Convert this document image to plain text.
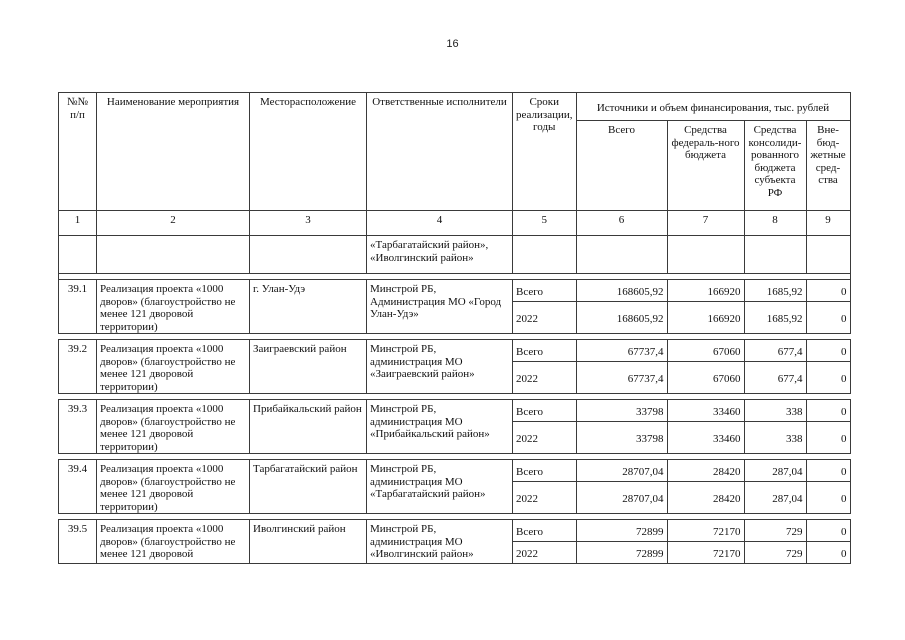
16
№№ п/п	Наименование мероприятия	Месторасположение	Ответственные исполнители	Сроки реализации, годы	Источники и объем финансирования, тыс. рублей			
					Всего	Средства федераль-ного бюджета	Средства консолиди-рованного бюджета субъекта РФ	Вне-бюд-жетные сред-ства
1	2	3	4	5	6	7	8	9
			«Тарбагатайский район», «Иволгинский район»					

39.1	Реализация проекта «1000 дворов» (благоустройство не менее 121 дворовой территории)	г. Улан-Удэ	Минстрой РБ, Администрация МО «Город Улан-Удэ»	Всего	168605,92	166920	1685,92	0
				2022	168605,92	166920	1685,92	0

39.2	Реализация проекта «1000 дворов» (благоустройство не менее 121 дворовой территории)	Заиграевский район	Минстрой РБ, администрация МО «Заиграевский район»	Всего	67737,4	67060	677,4	0
				2022	67737,4	67060	677,4	0

39.3	Реализация проекта «1000 дворов» (благоустройство не менее 121 дворовой территории)	Прибайкальский район	Минстрой РБ, администрация МО «Прибайкальский район»	Всего	33798	33460	338	0
				2022	33798	33460	338	0

39.4	Реализация проекта «1000 дворов» (благоустройство не менее 121 дворовой территории)	Тарбагатайский район	Минстрой РБ, администрация МО «Тарбагатайский район»	Всего	28707,04	28420	287,04	0
				2022	28707,04	28420	287,04	0

39.5	Реализация проекта «1000 дворов» (благоустройство не менее 121 дворовой	Иволгинский район	Минстрой РБ, администрация МО «Иволгинский район»	Всего	72899	72170	729	0
				2022	72899	72170	729	0
